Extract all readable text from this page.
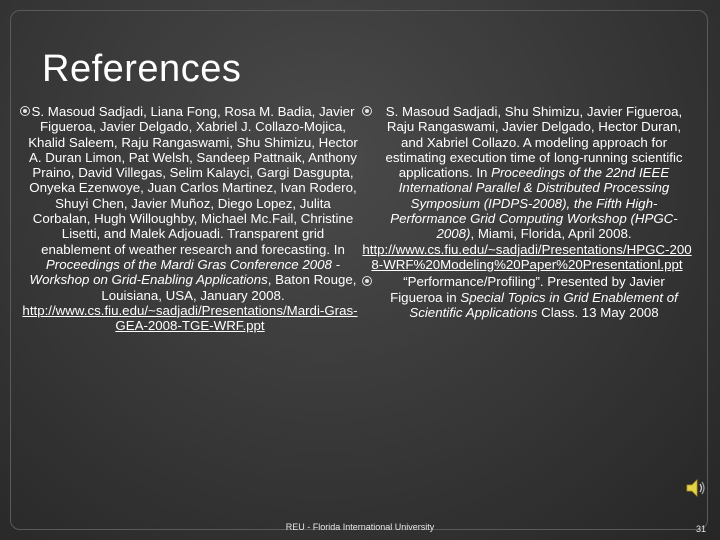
References
S. Masoud Sadjadi, Liana Fong, Rosa M. Badia, Javier Figueroa, Javier Delgado, Xabriel J. Collazo-Mojica, Khalid Saleem, Raju Rangaswami, Shu Shimizu, Hector A. Duran Limon, Pat Welsh, Sandeep Pattnaik, Anthony Praino, David Villegas, Selim Kalayci, Gargi Dasgupta, Onyeka Ezenwoye, Juan Carlos Martinez, Ivan Rodero, Shuyi Chen, Javier Muñoz, Diego Lopez, Julita Corbalan, Hugh Willoughby, Michael Mc.Fail, Christine Lisetti, and Malek Adjouadi. Transparent grid enablement of weather research and forecasting. In Proceedings of the Mardi Gras Conference 2008 - Workshop on Grid-Enabling Applications, Baton Rouge, Louisiana, USA, January 2008.
http://www.cs.fiu.edu/~sadjadi/Presentations/Mardi-Gras-GEA-2008-TGE-WRF.ppt
S. Masoud Sadjadi, Shu Shimizu, Javier Figueroa, Raju Rangaswami, Javier Delgado, Hector Duran, and Xabriel Collazo. A modeling approach for estimating execution time of long-running scientific applications. In Proceedings of the 22nd IEEE International Parallel & Distributed Processing Symposium (IPDPS-2008), the Fifth High-Performance Grid Computing Workshop (HPGC-2008), Miami, Florida, April 2008.
http://www.cs.fiu.edu/~sadjadi/Presentations/HPGC-2008-WRF%20Modeling%20Paper%20Presentationl.ppt
“Performance/Profiling”. Presented by Javier Figueroa in Special Topics in Grid Enablement of Scientific Applications Class. 13 May 2008
REU - Florida International University	31
